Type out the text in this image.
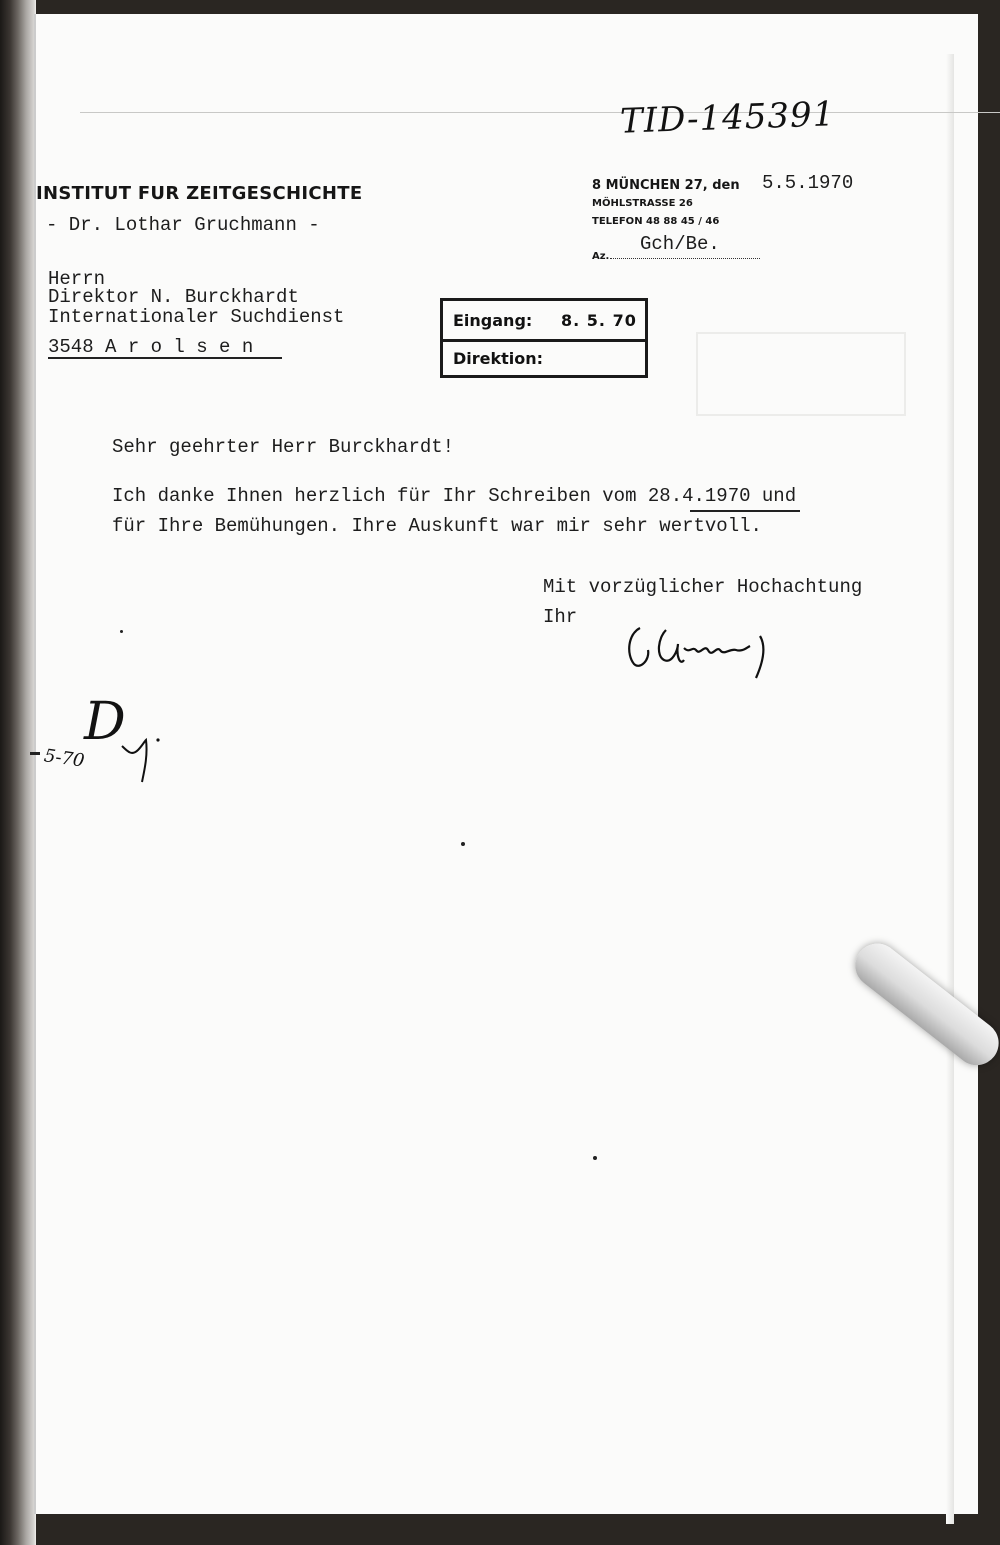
TID-145391
INSTITUT FUR ZEITGESCHICHTE
- Dr. Lothar Gruchmann -
8 MÜNCHEN 27, den 5.5.1970
MÖHLSTRASSE 26
TELEFON 48 88 45 / 46
Gch/Be.
Az.
Herrn
Direktor N. Burckhardt
Internationaler Suchdienst
3548 A r o l s e n
Eingang: 8. 5. 70
Direktion:
Sehr geehrter Herr Burckhardt!
Ich danke Ihnen herzlich für Ihr Schreiben vom 28.4.1970 und
für Ihre Bemühungen. Ihre Auskunft war mir sehr wertvoll.
Mit vorzüglicher Hochachtung
Ihr
5-70
D
